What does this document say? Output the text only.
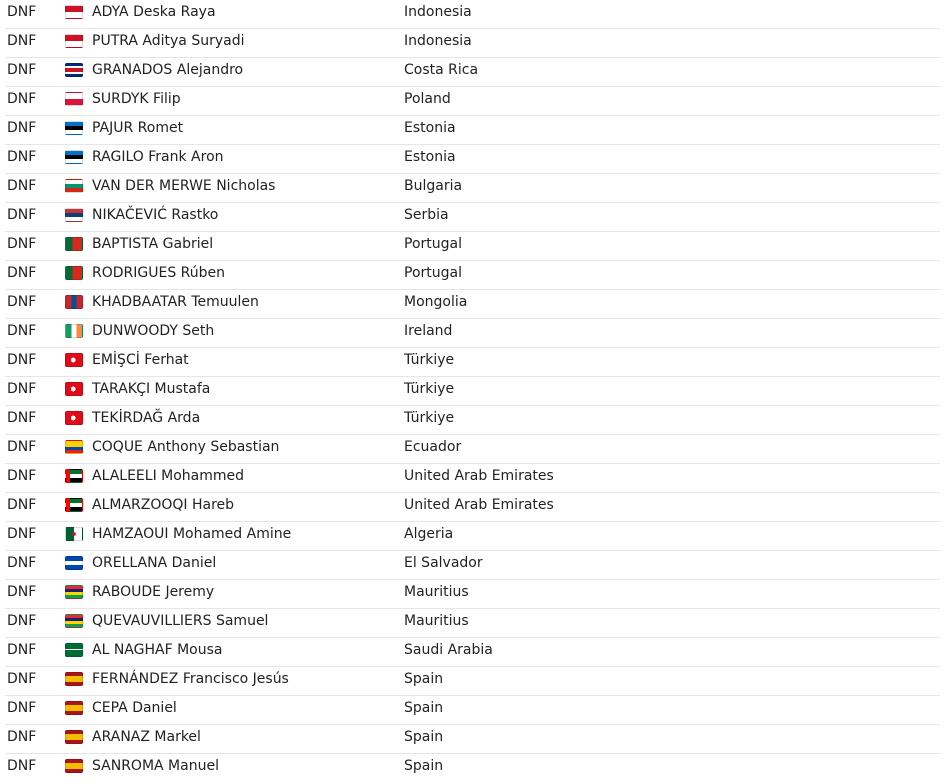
DNF	ADYA Deska Raya	Indonesia
DNF	PUTRA Aditya Suryadi	Indonesia
DNF	GRANADOS Alejandro	Costa Rica
DNF	SURDYK Filip	Poland
DNF	PAJUR Romet	Estonia
DNF	RAGILO Frank Aron	Estonia
DNF	VAN DER MERWE Nicholas	Bulgaria
DNF	NIKAČEVIĆ Rastko	Serbia
DNF	BAPTISTA Gabriel	Portugal
DNF	RODRIGUES Rúben	Portugal
DNF	KHADBAATAR Temuulen	Mongolia
DNF	DUNWOODY Seth	Ireland
DNF	EMİŞCİ Ferhat	Türkiye
DNF	TARAKÇI Mustafa	Türkiye
DNF	TEKİRDAĞ Arda	Türkiye
DNF	COQUE Anthony Sebastian	Ecuador
DNF	ALALEELI Mohammed	United Arab Emirates
DNF	ALMARZOOQI Hareb	United Arab Emirates
DNF	HAMZAOUI Mohamed Amine	Algeria
DNF	ORELLANA Daniel	El Salvador
DNF	RABOUDE Jeremy	Mauritius
DNF	QUEVAUVILLIERS Samuel	Mauritius
DNF	AL NAGHAF Mousa	Saudi Arabia
DNF	FERNÁNDEZ Francisco Jesús	Spain
DNF	CEPA Daniel	Spain
DNF	ARANAZ Markel	Spain
DNF	SANROMA Manuel	Spain
